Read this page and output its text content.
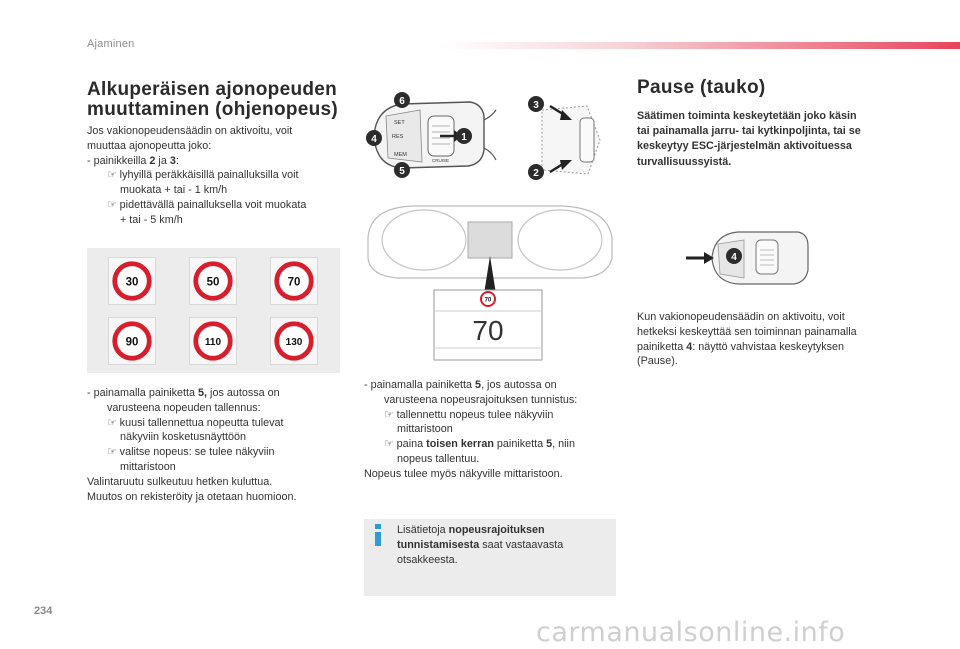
Ajaminen
Alkuperäisen ajonopeuden
muuttaminen (ohjenopeus)
Jos vakionopeudensäädin on aktivoitu, voit
muuttaa ajonopeutta joko:
- painikkeilla 2 ja 3:
☞ lyhyillä peräkkäisillä painalluksilla voit
muokata + tai - 1 km/h
☞ pidettävällä painalluksella voit muokata
+ tai - 5 km/h
30	50	70
90	110	130
- painamalla painiketta 5, jos autossa on
varusteena nopeuden tallennus:
☞ kuusi tallennettua nopeutta tulevat
näkyviin kosketusnäyttöön
☞ valitse nopeus: se tulee näkyviin
mittaristoon
Valintaruutu sulkeutuu hetken kuluttua.
Muutos on rekisteröity ja otetaan huomioon.
SET
RES
MEM
CRUISE
6
4
5
1
3
2
70
70
- painamalla painiketta 5, jos autossa on
varusteena nopeusrajoituksen tunnistus:
☞ tallennettu nopeus tulee näkyviin
mittaristoon
☞ paina toisen kerran painiketta 5, niin
nopeus tallentuu.
Nopeus tulee myös näkyville mittaristoon.
Lisätietoja nopeusrajoituksen
tunnistamisesta saat vastaavasta
otsakkeesta.
Pause (tauko)
Säätimen toiminta keskeytetään joko käsin
tai painamalla jarru- tai kytkinpoljinta, tai se
keskeytyy ESC-järjestelmän aktivoituessa
turvallisuussyistä.
4
Kun vakionopeudensäädin on aktivoitu, voit
hetkeksi keskeyttää sen toiminnan painamalla
painiketta 4: näyttö vahvistaa keskeytyksen
(Pause).
234
carmanualsonline.info
